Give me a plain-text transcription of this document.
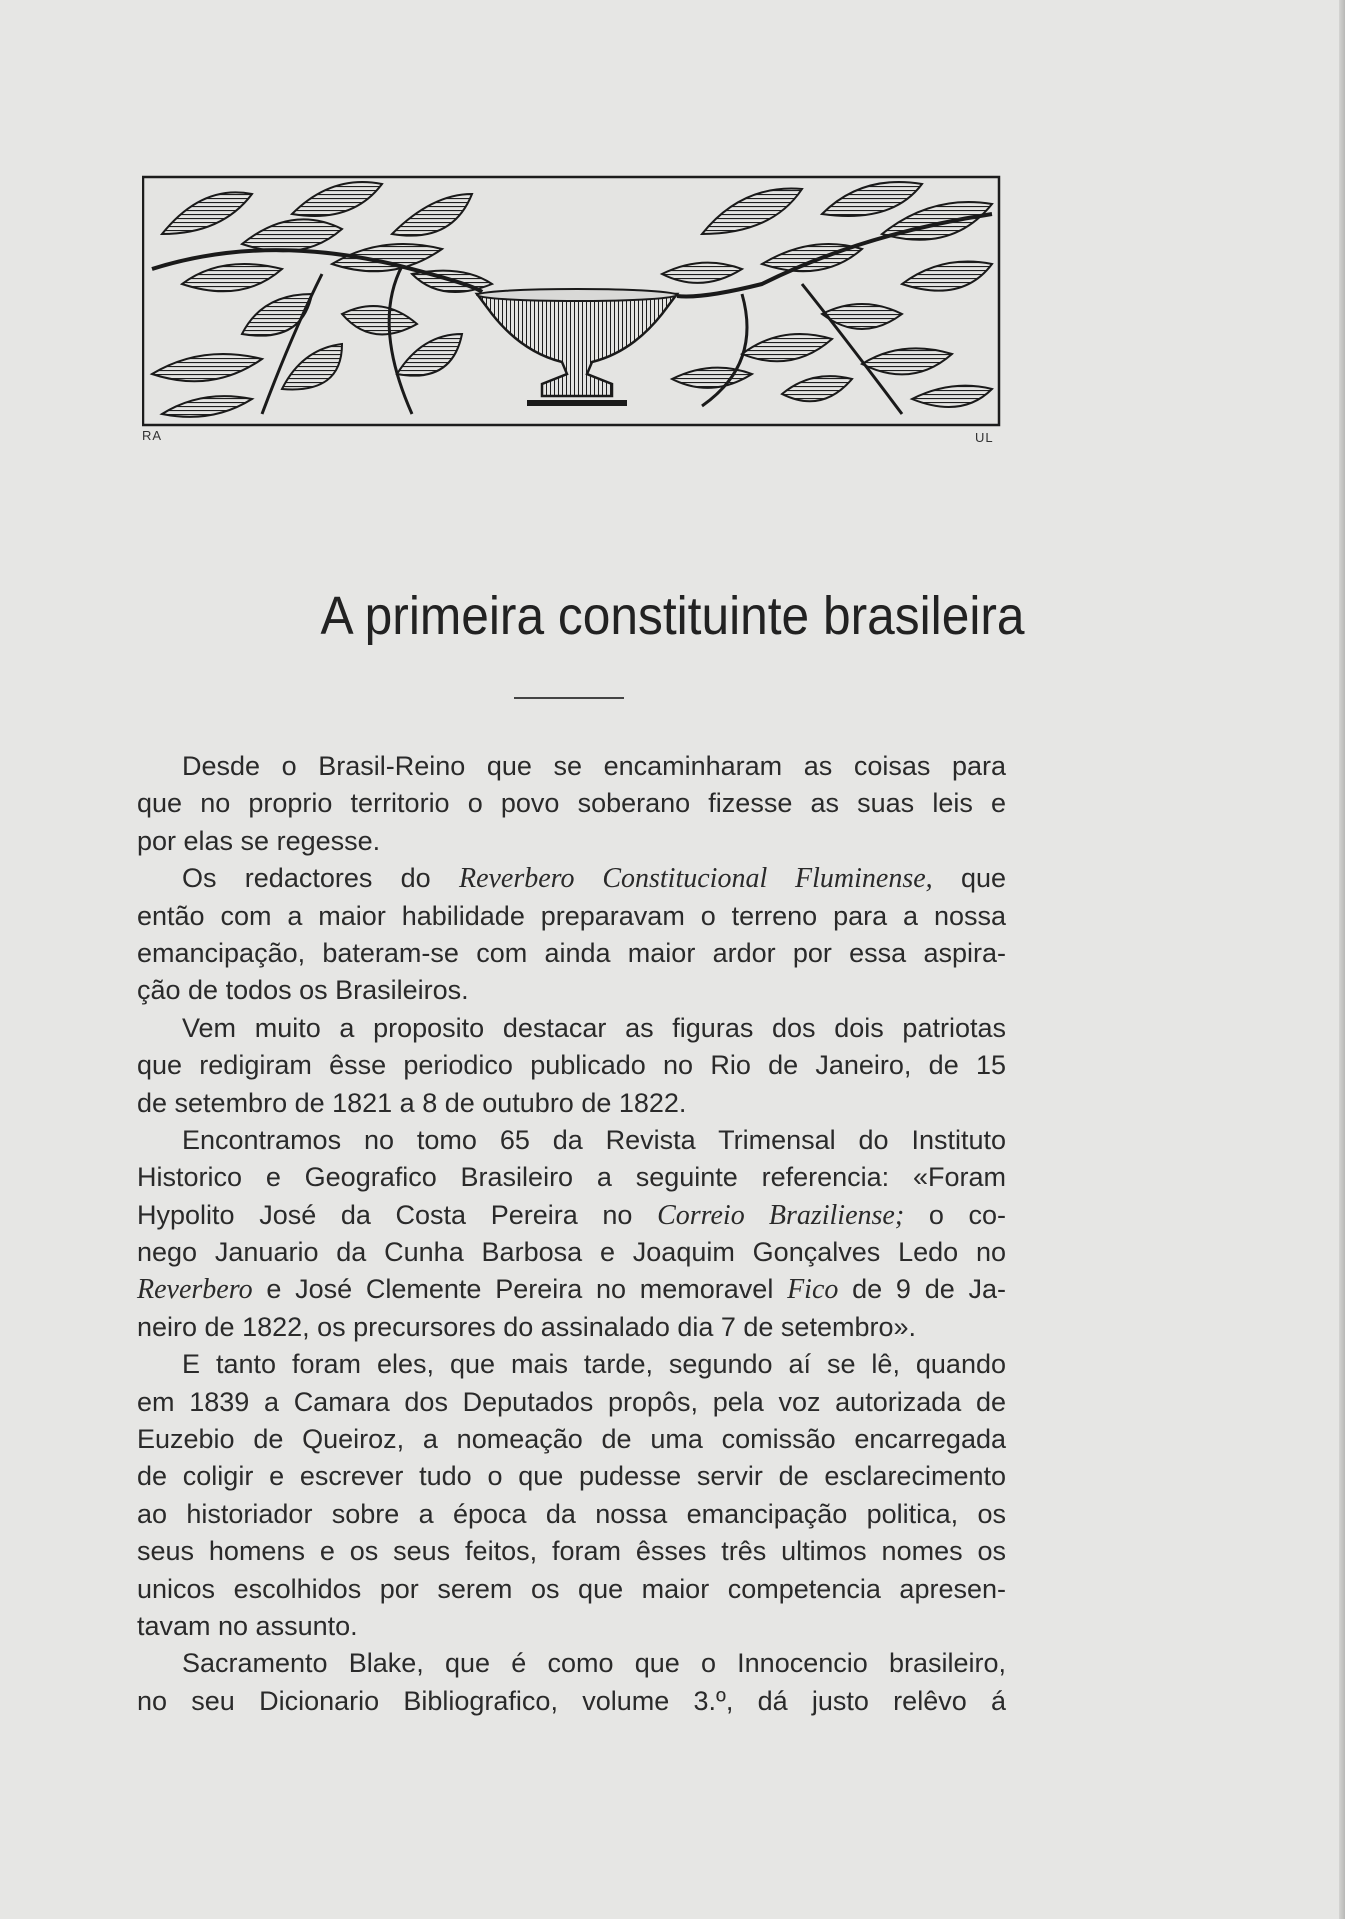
RA	UL
A primeira constituinte brasileira
Desde o Brasil-Reino que se encaminharam as coisas para
que no proprio territorio o povo soberano fizesse as suas leis e
por elas se regesse.
Os redactores do Reverbero Constitucional Fluminense, que
então com a maior habilidade preparavam o terreno para a nossa
emancipação, bateram-se com ainda maior ardor por essa aspira-
ção de todos os Brasileiros.
Vem muito a proposito destacar as figuras dos dois patriotas
que redigiram êsse periodico publicado no Rio de Janeiro, de 15
de setembro de 1821 a 8 de outubro de 1822.
Encontramos no tomo 65 da Revista Trimensal do Instituto
Historico e Geografico Brasileiro a seguinte referencia: «Foram
Hypolito José da Costa Pereira no Correio Braziliense; o co-
nego Januario da Cunha Barbosa e Joaquim Gonçalves Ledo no
Reverbero e José Clemente Pereira no memoravel Fico de 9 de Ja-
neiro de 1822, os precursores do assinalado dia 7 de setembro».
E tanto foram eles, que mais tarde, segundo aí se lê, quando
em 1839 a Camara dos Deputados propôs, pela voz autorizada de
Euzebio de Queiroz, a nomeação de uma comissão encarregada
de coligir e escrever tudo o que pudesse servir de esclarecimento
ao historiador sobre a época da nossa emancipação politica, os
seus homens e os seus feitos, foram êsses três ultimos nomes os
unicos escolhidos por serem os que maior competencia apresen-
tavam no assunto.
Sacramento Blake, que é como que o Innocencio brasileiro,
no seu Dicionario Bibliografico, volume 3.º, dá justo relêvo á
